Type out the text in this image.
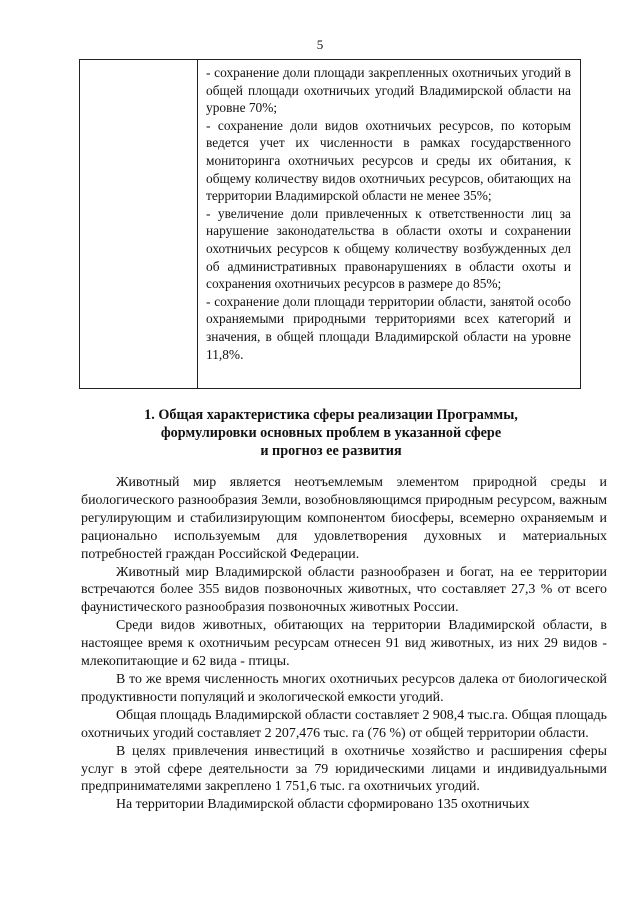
5

- сохранение доли площади закрепленных охотничьих угодий в общей площади охотничьих угодий Владимирской области на уровне 70%;

- сохранение доли видов охотничьих ресурсов, по которым ведется учет их численности в рамках государственного мониторинга охотничьих ресурсов и среды их обитания, к общему количеству видов охотничьих ресурсов, обитающих на территории Владимирской области не менее 35%;

- увеличение доли привлеченных к ответственности лиц за нарушение законодательства в области охоты и сохранении охотничьих ресурсов к общему количеству возбужденных дел об административных правонарушениях в области охоты и сохранения охотничьих ресурсов в размере до 85%;

- сохранение доли площади территории области, занятой особо охраняемыми природными территориями всех категорий и значения, в общей площади Владимирской области на уровне 11,8%.

1. Общая характеристика сферы реализации Программы,
формулировки основных проблем в указанной сфере
и прогноз ее развития

Животный мир является неотъемлемым элементом природной среды и биологического разнообразия Земли, возобновляющимся природным ресурсом, важным регулирующим и стабилизирующим компонентом биосферы, всемерно охраняемым и рационально используемым для удовлетворения духовных и материальных потребностей граждан Российской Федерации.

Животный мир Владимирской области разнообразен и богат, на ее территории встречаются более 355 видов позвоночных животных, что составляет 27,3 % от всего фаунистического разнообразия позвоночных животных России.

Среди видов животных, обитающих на территории Владимирской области, в настоящее время к охотничьим ресурсам отнесен 91 вид животных, из них 29 видов - млекопитающие и 62 вида - птицы.

В то же время численность многих охотничьих ресурсов далека от биологической продуктивности популяций и экологической емкости угодий.

Общая площадь Владимирской области составляет 2 908,4 тыс.га. Общая площадь охотничьих угодий составляет 2 207,476 тыс. га (76 %) от общей территории области.

В целях привлечения инвестиций в охотничье хозяйство и расширения сферы услуг в этой сфере деятельности за 79 юридическими лицами и индивидуальными предпринимателями закреплено 1 751,6 тыс. га охотничьих угодий.

На территории Владимирской области сформировано 135 охотничьих
